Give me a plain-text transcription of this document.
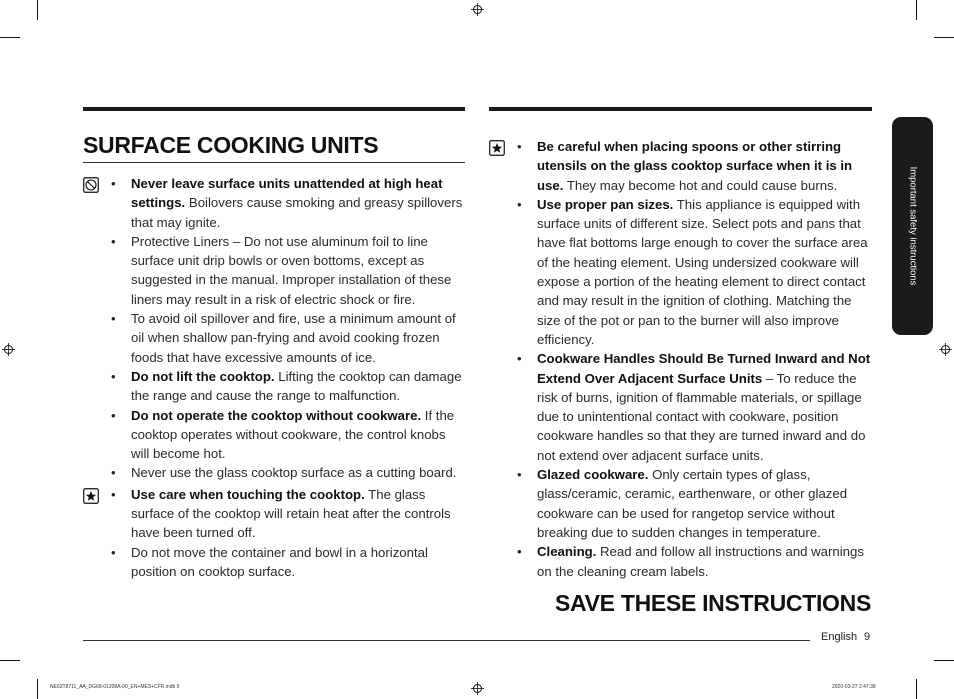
Important safety instructions
SURFACE COOKING UNITS
• Never leave surface units unattended at high heat settings. Boilovers cause smoking and greasy spillovers that may ignite.
• Protective Liners – Do not use aluminum foil to line surface unit drip bowls or oven bottoms, except as suggested in the manual. Improper installation of these liners may result in a risk of electric shock or fire.
• To avoid oil spillover and fire, use a minimum amount of oil when shallow pan-frying and avoid cooking frozen foods that have excessive amounts of ice.
• Do not lift the cooktop. Lifting the cooktop can damage the range and cause the range to malfunction.
• Do not operate the cooktop without cookware. If the cooktop operates without cookware, the control knobs will become hot.
• Never use the glass cooktop surface as a cutting board.
• Use care when touching the cooktop. The glass surface of the cooktop will retain heat after the controls have been turned off.
• Do not move the container and bowl in a horizontal position on cooktop surface.
• Be careful when placing spoons or other stirring utensils on the glass cooktop surface when it is in use. They may become hot and could cause burns.
• Use proper pan sizes. This appliance is equipped with surface units of different size. Select pots and pans that have flat bottoms large enough to cover the surface area of the heating element. Using undersized cookware will expose a portion of the heating element to direct contact and may result in the ignition of clothing. Matching the size of the pot or pan to the burner will also improve efficiency.
• Cookware Handles Should Be Turned Inward and Not Extend Over Adjacent Surface Units – To reduce the risk of burns, ignition of flammable materials, or spillage due to unintentional contact with cookware, position cookware handles so that they are turned inward and do not extend over adjacent surface units.
• Glazed cookware. Only certain types of glass, glass/ceramic, ceramic, earthenware, or other glazed cookware can be used for rangetop service without breaking due to sudden changes in temperature.
• Cleaning. Read and follow all instructions and warnings on the cleaning cream labels.
SAVE THESE INSTRUCTIONS
English 9
NE63T8711_AA_DG68-01208A-00_EN+MES+CFR.indb 9	2020-03-27 2:47:38
